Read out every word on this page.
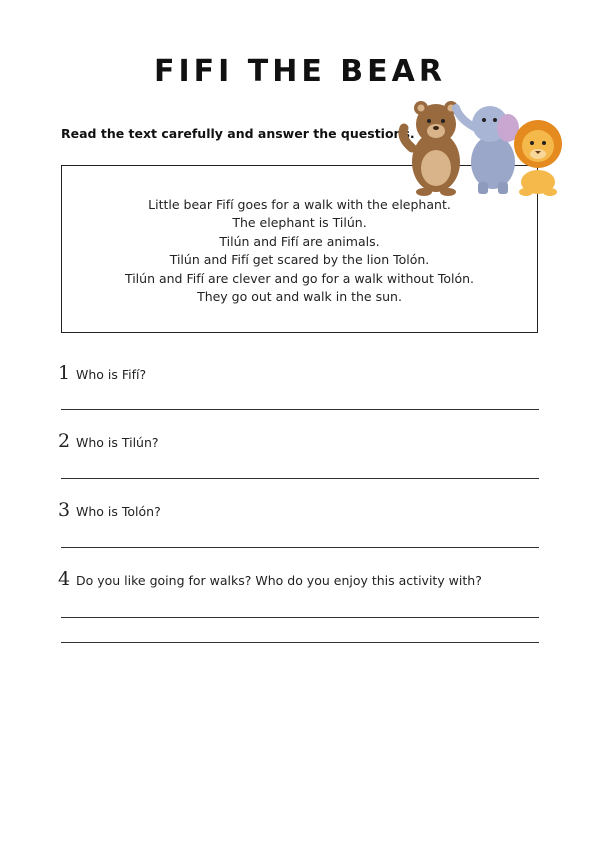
FIFI THE BEAR
Read the text carefully and answer the questions.
Little bear Fifí goes for a walk with the elephant.
The elephant is Tilún.
Tilún and Fifí are animals.
Tilún and Fifí get scared by the lion Tolón.
Tilún and Fifí are clever and go for a walk without Tolón.
They go out and walk in the sun.
1 Who is Fifí?
2 Who is Tilún?
3 Who is Tolón?
4 Do you like going for walks? Who do you enjoy this activity with?
